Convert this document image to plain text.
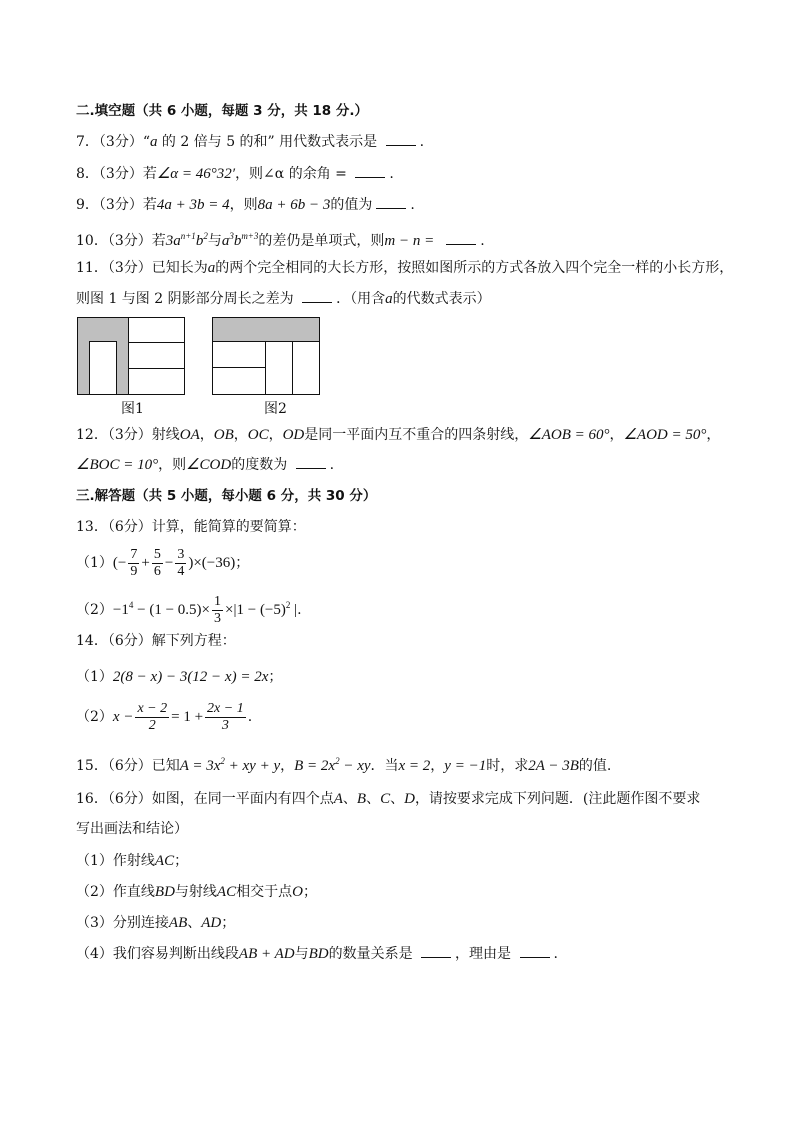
二.填空题（共 6 小题，每题 3 分，共 18 分.）
7．（3分）“a 的 2 倍与 5 的和” 用代数式表示是	.
8．（3分）若∠α = 46°32′，则∠α 的余角 =	.
9．（3分）若4a + 3b = 4，则8a + 6b − 3的值为	.
10．（3分）若$3a^{n+1}b^2$与$a^3b^{m+3}$的差仍是单项式，则m − n =	.
11．（3分）已知长为a的两个完全相同的大长方形，按照如图所示的方式各放入四个完全一样的小长方形，
则图 1 与图 2 阴影部分周长之差为	．（用含a的代数式表示）
图1	图2
12．（3分）射线OA，OB，OC，OD是同一平面内互不重合的四条射线，∠AOB = 60°，∠AOD = 50°，
∠BOC = 10°，则∠COD的度数为	.
三.解答题（共 5 小题，每小题 6 分，共 30 分）
13．（6分）计算，能简算的要简算：
$(1)(- \frac{7}{9} + \frac{5}{6} - \frac{3}{4} )\times(-36)$；
$(2)-1^4 - (1 - 0.5)\times \frac{1}{3} \times|1 - (-5)^2$ |.
14．（6分）解下列方程：
（1）2(8 − x) − 3(12 − x) = 2x；
$(2)x - \frac{x - 2}{2} = 1 + \frac{2x - 1}{3}$ .
15．（6分）已知$A = 3x^2$ + xy + y，$B = 2x^2$ − xy．当x = 2，y = −1时，求2A − 3B的值.
16．（6分）如图，在同一平面内有四个点A、B、C、D，请按要求完成下列问题．(注此题作图不要求
写出画法和结论）
（1）作射线AC；
（2）作直线BD与射线AC相交于点O；
（3）分别连接AB、AD；
（4）我们容易判断出线段AB + AD与BD的数量关系是	，理由是	.
